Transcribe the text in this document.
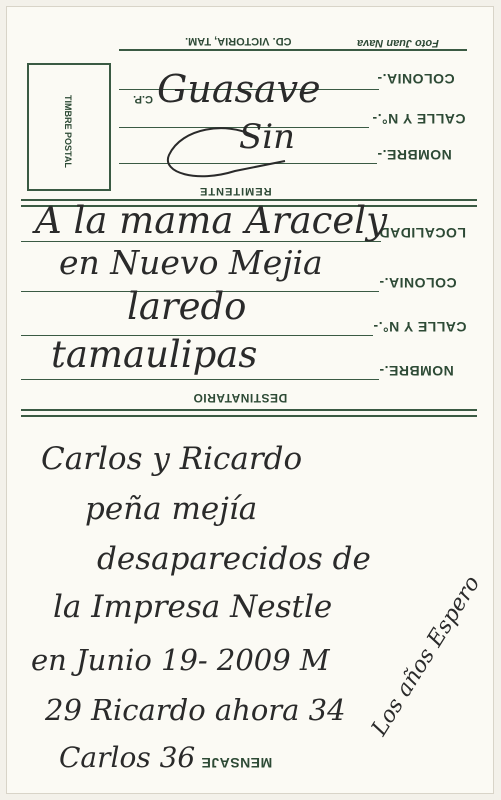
Foto Juan Nava
CD. VICTORIA, TAM.
TIMBRE POSTAL
COLONIA.-
C.P.
CALLE Y N°.-
NOMBRE.-
REMITENTE
Guasave
Sin
LOCALIDAD
COLONIA.-
CALLE Y N°.-
NOMBRE.-
DESTINATARIO
A la mama Aracely
en Nuevo Mejia
laredo
tamaulipas
Carlos y Ricardo
peña mejía
desaparecidos de
la Impresa Nestle
en Junio 19- 2009 M
29 Ricardo ahora 34
Carlos 36 MENSAJE
Los años Espero
